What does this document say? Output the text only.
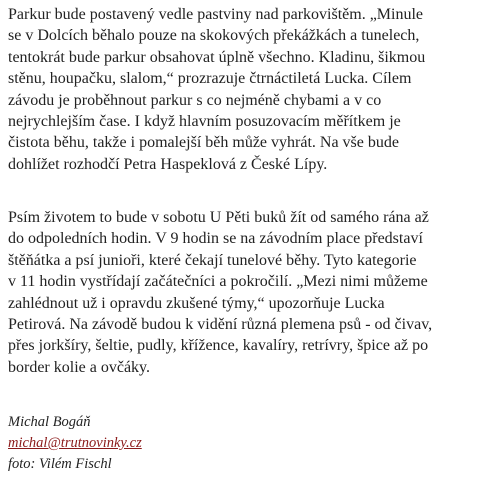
Parkur bude postavený vedle pastviny nad parkovištěm. „Minule
se v Dolcích běhalo pouze na skokových překážkách a tunelech,
tentokrát bude parkur obsahovat úplně všechno. Kladinu, šikmou
stěnu, houpačku, slalom,“ prozrazuje čtrnáctiletá Lucka. Cílem
závodu je proběhnout parkur s co nejméně chybami a v co
nejrychlejším čase. I když hlavním posuzovacím měřítkem je
čistota běhu, takže i pomalejší běh může vyhrát. Na vše bude
dohlížet rozhodčí Petra Haspeklová z České Lípy.

Psím životem to bude v sobotu U Pěti buků žít od samého rána až
do odpoledních hodin. V 9 hodin se na závodním place představí
štěňátka a psí junioři, které čekají tunelové běhy. Tyto kategorie
v 11 hodin vystřídají začátečníci a pokročilí. „Mezi nimi můžeme
zahlédnout už i opravdu zkušené týmy,“ upozorňuje Lucka
Petirová. Na závodě budou k vidění různá plemena psů - od čivav,
přes jorkšíry, šeltie, pudly, křížence, kavalíry, retrívry, špice až po
border kolie a ovčáky.

Michal Bogáň
michal@trutnovinky.cz
foto: Vilém Fischl
